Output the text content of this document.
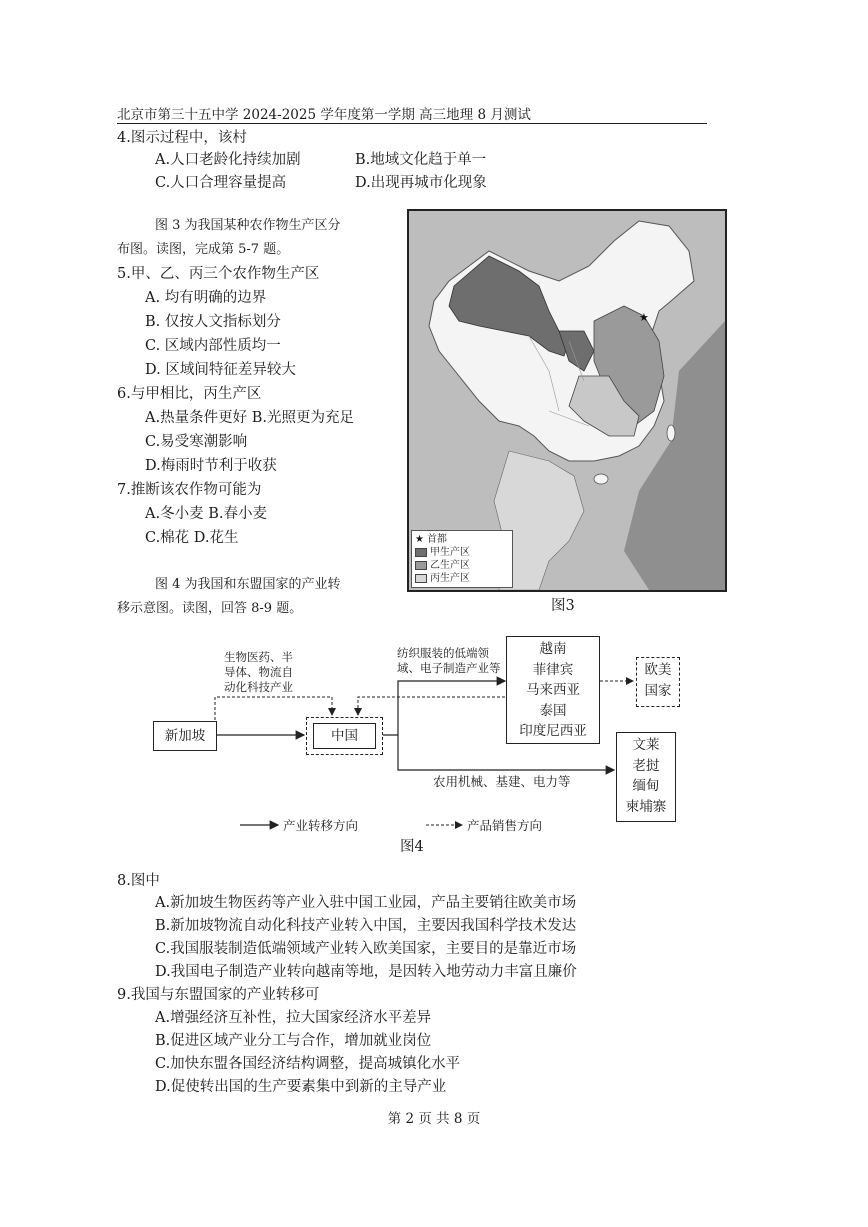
北京市第三十五中学 2024-2025 学年度第一学期 高三地理 8 月测试
4.图示过程中，该村
A.人口老龄化持续加剧	B.地域文化趋于单一
C.人口合理容量提高	D.出现再城市化现象
图 3 为我国某种农作物生产区分
布图。读图，完成第 5-7 题。
5.甲、乙、丙三个农作物生产区
A. 均有明确的边界
B. 仅按人文指标划分
C. 区域内部性质均一
D. 区域间特征差异较大
6.与甲相比，丙生产区
A.热量条件更好 B.光照更为充足
C.易受寒潮影响
D.梅雨时节利于收获
7.推断该农作物可能为
A.冬小麦 B.春小麦
C.棉花 D.花生
图 4 为我国和东盟国家的产业转
移示意图。读图，回答 8-9 题。
★
★ 首都
甲生产区
乙生产区
丙生产区
图3
新加坡	中国
生物医药、半
导体、物流自
动化科技产业
纺织服装的低端领
域、电子制造产业等
越南
菲律宾
马来西亚
泰国
印度尼西亚
欧美
国家
文莱
老挝
缅甸
柬埔寨
农用机械、基建、电力等
产业转移方向	产品销售方向
图4
8.图中
A.新加坡生物医药等产业入驻中国工业园，产品主要销往欧美市场
B.新加坡物流自动化科技产业转入中国，主要因我国科学技术发达
C.我国服装制造低端领域产业转入欧美国家，主要目的是靠近市场
D.我国电子制造产业转向越南等地，是因转入地劳动力丰富且廉价
9.我国与东盟国家的产业转移可
A.增强经济互补性，拉大国家经济水平差异
B.促进区域产业分工与合作，增加就业岗位
C.加快东盟各国经济结构调整，提高城镇化水平
D.促使转出国的生产要素集中到新的主导产业
第 2 页 共 8 页
